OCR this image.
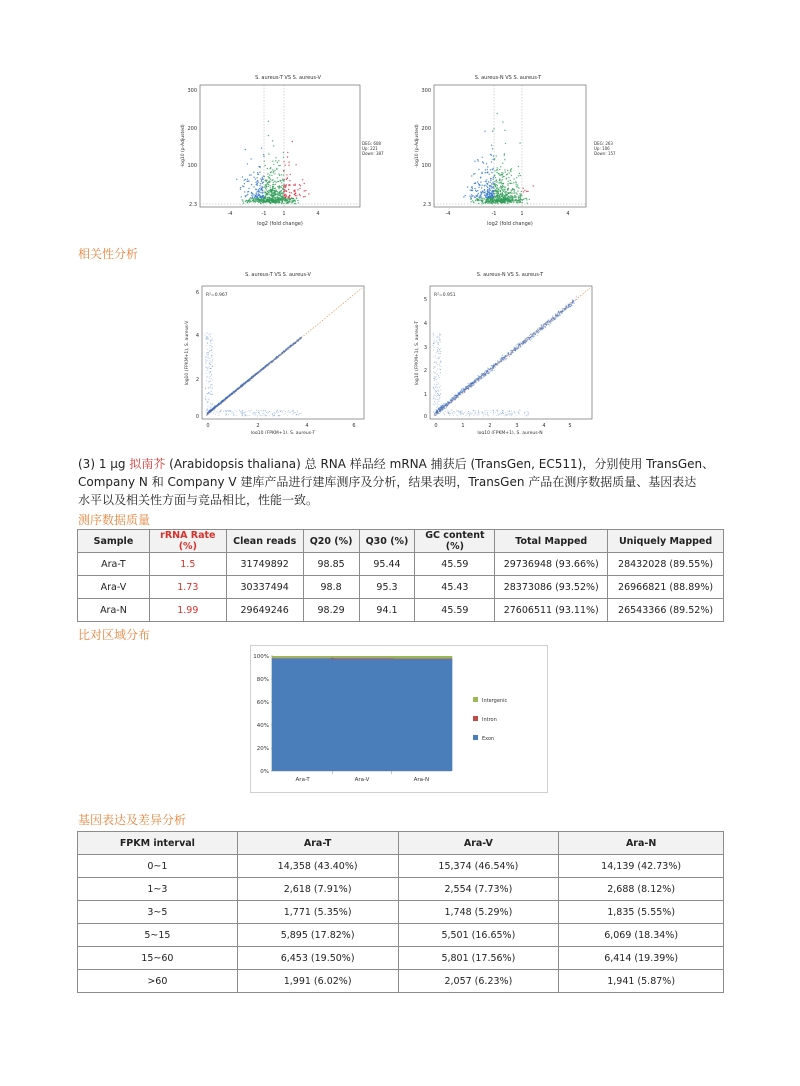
S. aureus-T VS S. aureus-V
300
200
100
2.3
-4	-1	1	4
log2 (fold change)
-log10 (p-Adjusted)	DEG: 608
Up: 221
Down: 387
S. aureus-N VS S. aureus-T
300
200
100
2.3
-4	-1	1	4
log2 (fold change)
-log10 (p-Adjusted)	DEG: 263
Up: 106
Down: 157
相关性分析
S. aureus-T VS S. aureus-V
R²=0.967
6
4
2
0
0	2	4	6
log10 (FPKM+1), S. aureus-T
log10 (FPKM+1), S. aureus-V
S. aureus-N VS S. aureus-T
R²=0.951
5
4
3
2
1
0
0	1	2	3	4	5
log10 (FPKM+1), S. aureus-N
log10 (FPKM+1), S. aureus-T
(3) 1 µg 拟南芥 (Arabidopsis thaliana) 总 RNA 样品经 mRNA 捕获后 (TransGen, EC511)，分别使用 TransGen、
Company N 和 Company V 建库产品进行建库测序及分析，结果表明，TransGen 产品在测序数据质量、基因表达
水平以及相关性方面与竞品相比，性能一致。
测序数据质量
Sample	rRNA Rate (%)	Clean reads	Q20 (%)	Q30 (%)	GC content (%)	Total Mapped	Uniquely Mapped
Ara-T	1.5	31749892	98.85	95.44	45.59	29736948 (93.66%)	28432028 (89.55%)
Ara-V	1.73	30337494	98.8	95.3	45.43	28373086 (93.52%)	26966821 (88.89%)
Ara-N	1.99	29649246	98.29	94.1	45.59	27606511 (93.11%)	26543366 (89.52%)
比对区域分布
0%
20%
40%
60%
80%
100%
Ara-T	Ara-V	Ara-N
Intergenic
Intron
Exon
基因表达及差异分析
FPKM interval	Ara-T	Ara-V	Ara-N
0~1	14,358 (43.40%)	15,374 (46.54%)	14,139 (42.73%)
1~3	2,618 (7.91%)	2,554 (7.73%)	2,688 (8.12%)
3~5	1,771 (5.35%)	1,748 (5.29%)	1,835 (5.55%)
5~15	5,895 (17.82%)	5,501 (16.65%)	6,069 (18.34%)
15~60	6,453 (19.50%)	5,801 (17.56%)	6,414 (19.39%)
>60	1,991 (6.02%)	2,057 (6.23%)	1,941 (5.87%)
